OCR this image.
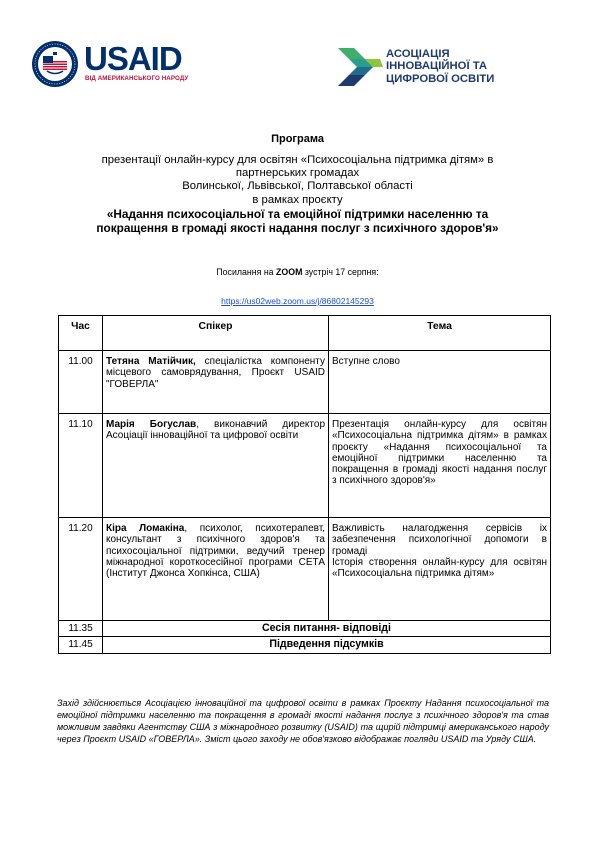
USAID
ВІД АМЕРИКАНСЬКОГО НАРОДУ
АСОЦІАЦІЯ
ІННОВАЦІЙНОЇ ТА
ЦИФРОВОЇ ОСВІТИ
Програма
презентації онлайн-курсу для освітян «Психосоціальна підтримка дітям» в
партнерських громадах
Волинської, Львівської, Полтавської області
в рамках проєкту
«Надання психосоціальної та емоційної підтримки населенню та
покращення в громаді якості надання послуг з психічного здоров'я»
Посилання на ZOOM зустріч 17 серпня:
https://us02web.zoom.us/j/86802145293
Час	Спікер	Тема
11.00	Тетяна Матійчик, спеціалістка компоненту місцевого самоврядування, Проєкт USAID "ГОВЕРЛА"	Вступне слово
11.10	Марія Богуслав, виконавчий директор Асоціації інноваційної та цифрової освіти	Презентація онлайн-курсу для освітян «Психосоціальна підтримка дітям» в рамках проєкту «Надання психосоціальної та емоційної підтримки населенню та покращення в громаді якості надання послуг з психічного здоров'я»
11.20	Кіра Ломакіна, психолог, психотерапевт, консультант з психічного здоров'я та психосоціальної підтримки, ведучий тренер міжнародної короткосесійної програми СЕТА (Інститут Джонса Хопкінса, США)	Важливість налагодження сервісів іх забезпечення психологічної допомоги в громаді
Історія створення онлайн-курсу для освітян «Психосоціальна підтримка дітям»

11.35	Сесія питання- відповіді	
11.45	Підведення підсумків	
Захід здійснюється Асоціацією інноваційної та цифрової освіти в рамках Проєкту Надання психосоціальної та емоційної підтримки населенню та покращення в громаді якості надання послуг з психічного здоров'я та став можливим завдяки Агентству США з міжнародного розвитку (USAID) та щирій підтримці американського народу через Проєкт USAID «ГОВЕРЛА». Зміст цього заходу не обов'язково відображає погляди USAID та Уряду США.
